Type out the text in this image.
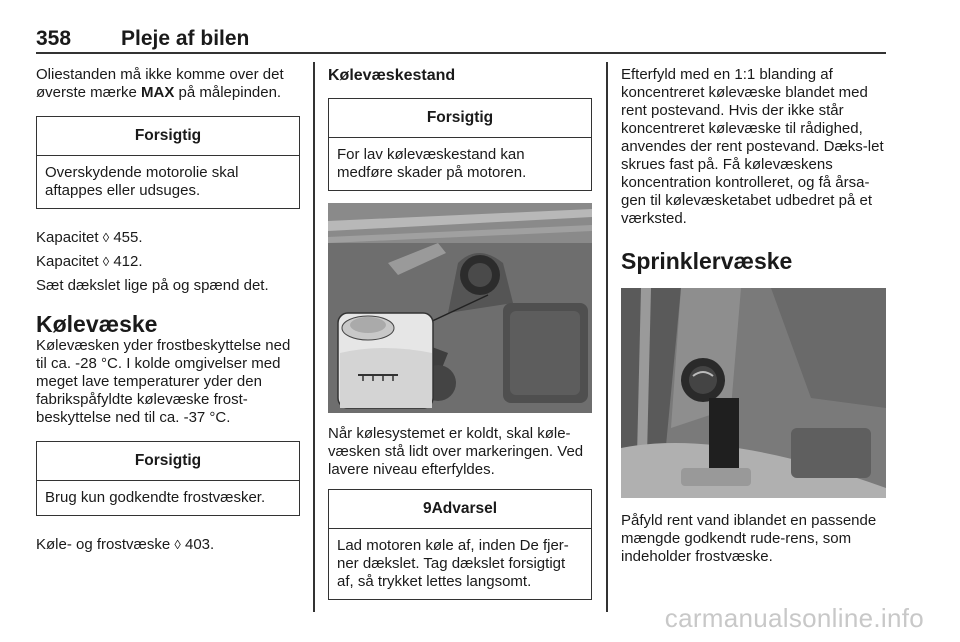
358 Pleje af bilen

Oliestanden må ikke komme over det øverste mærke MAX på målepinden.

Forsigtig
Overskydende motorolie skal aftappes eller udsuges.

Kapacitet ◊ 455.

Kapacitet ◊ 412.

Sæt dækslet lige på og spænd det.

Kølevæske

Kølevæsken yder frostbeskyttelse ned til ca. -28 °C. I kolde omgivelser med meget lave temperaturer yder den fabrikspåfyldte kølevæske frost-beskyttelse ned til ca. -37 °C.

Forsigtig
Brug kun godkendte frostvæsker.

Køle- og frostvæske ◊ 403.

Kølevæskestand
Forsigtig
For lav kølevæskestand kan medføre skader på motoren.

Når kølesystemet er koldt, skal køle-væsken stå lidt over markeringen. Ved lavere niveau efterfyldes.

9Advarsel
Lad motoren køle af, inden De fjer-ner dækslet. Tag dækslet forsigtigt af, så trykket lettes langsomt.

Efterfyld med en 1:1 blanding af koncentreret kølevæske blandet med rent postevand. Hvis der ikke står koncentreret kølevæske til rådighed, anvendes der rent postevand. Dæks-let skrues fast på. Få kølevæskens koncentration kontrolleret, og få årsa-gen til kølevæsketabet udbedret på et værksted.

Sprinklervæske

Påfyld rent vand iblandet en passende mængde godkendt rude-rens, som indeholder frostvæske.

carmanualsonline.info
